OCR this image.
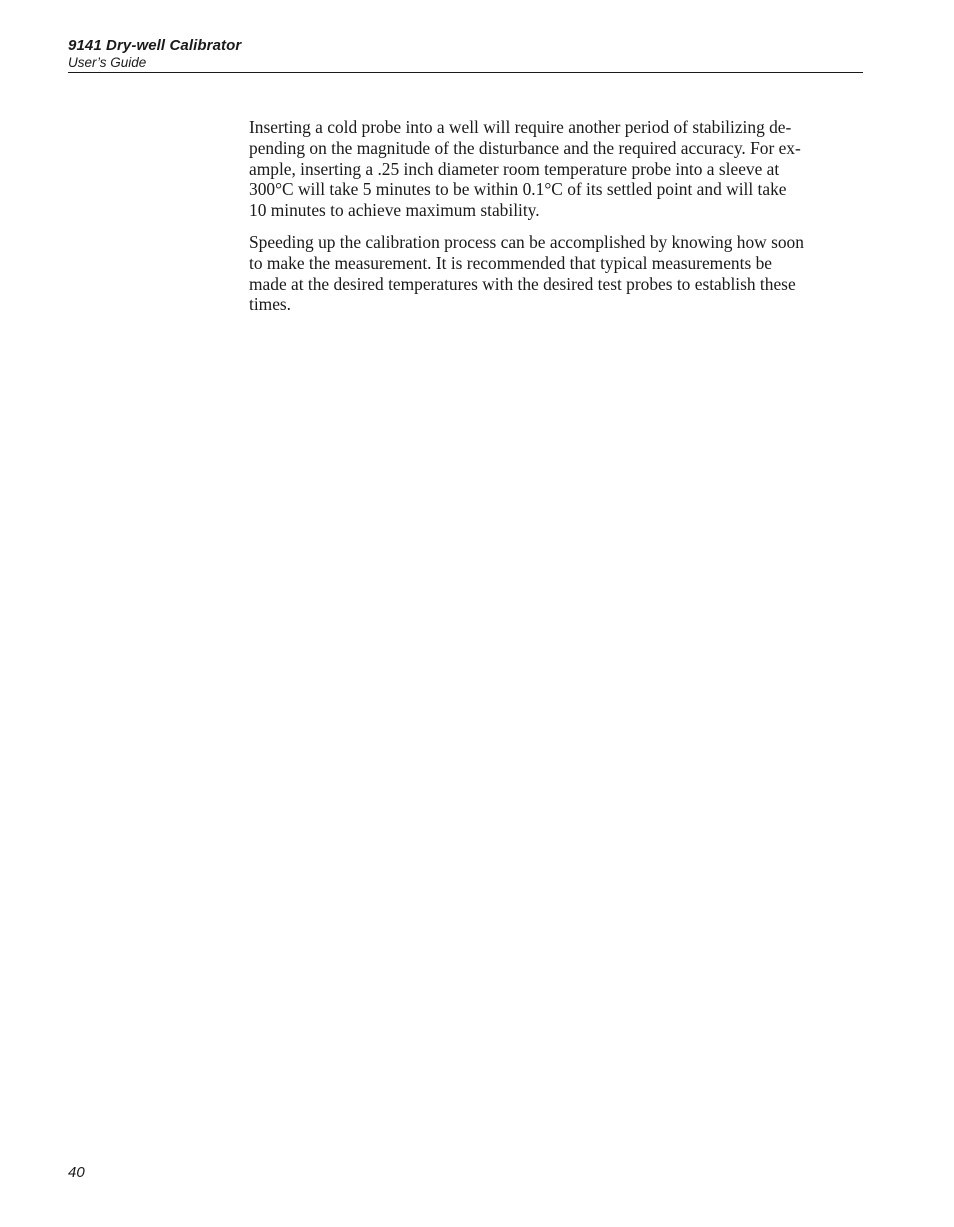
9141 Dry-well Calibrator
User’s Guide

Inserting a cold probe into a well will require another period of stabilizing de-
pending on the magnitude of the disturbance and the required accuracy. For ex-
ample, inserting a .25 inch diameter room temperature probe into a sleeve at
300°C will take 5 minutes to be within 0.1°C of its settled point and will take
10 minutes to achieve maximum stability.

Speeding up the calibration process can be accomplished by knowing how soon
to make the measurement. It is recommended that typical measurements be
made at the desired temperatures with the desired test probes to establish these
times.

40
